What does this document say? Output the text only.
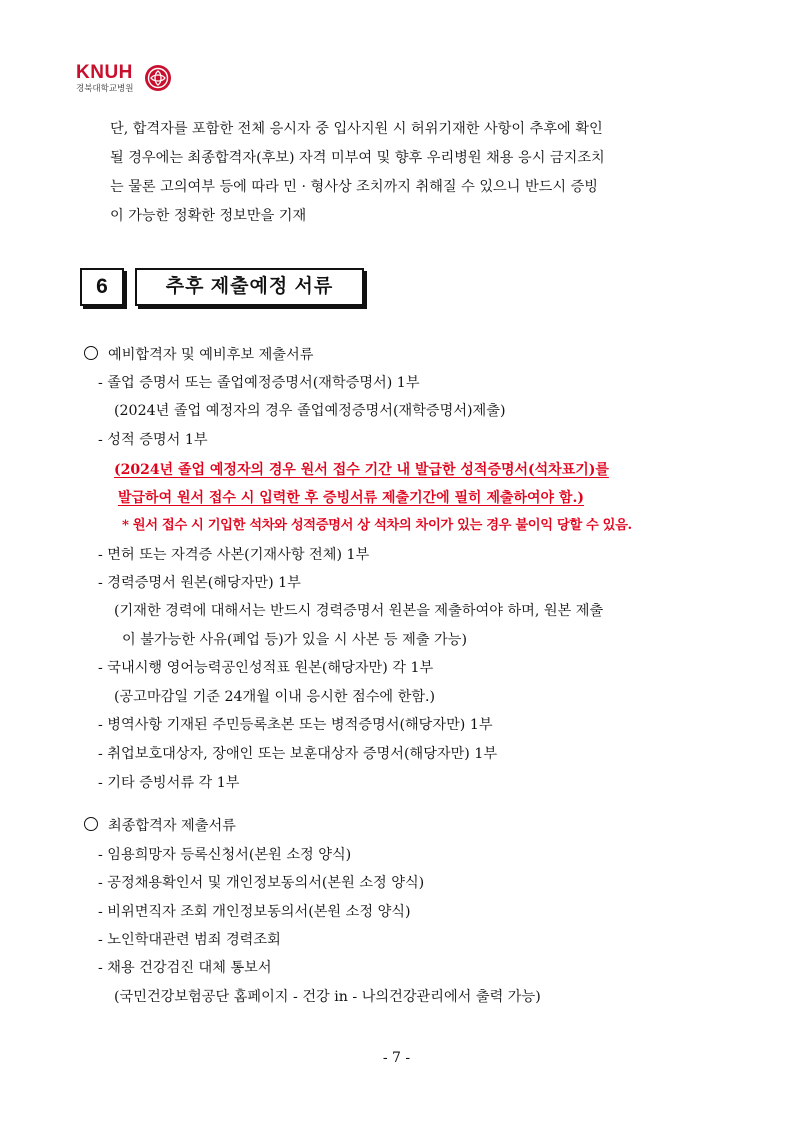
KNUH
경북대학교병원
단, 합격자를 포함한 전체 응시자 중 입사지원 시 허위기재한 사항이 추후에 확인
될 경우에는 최종합격자(후보) 자격 미부여 및 향후 우리병원 채용 응시 금지조치
는 물론 고의여부 등에 따라 민 · 형사상 조치까지 취해질 수 있으니 반드시 증빙
이 가능한 정확한 정보만을 기재
6	추후 제출예정 서류
예비합격자 및 예비후보 제출서류
- 졸업 증명서 또는 졸업예정증명서(재학증명서) 1부
(2024년 졸업 예정자의 경우 졸업예정증명서(재학증명서)제출)
- 성적 증명서 1부
(2024년 졸업 예정자의 경우 원서 접수 기간 내 발급한 성적증명서(석차표기)를
발급하여 원서 접수 시 입력한 후 증빙서류 제출기간에 필히 제출하여야 함.)
* 원서 접수 시 기입한 석차와 성적증명서 상 석차의 차이가 있는 경우 불이익 당할 수 있음.
- 면허 또는 자격증 사본(기재사항 전체) 1부
- 경력증명서 원본(해당자만) 1부
(기재한 경력에 대해서는 반드시 경력증명서 원본을 제출하여야 하며, 원본 제출
이 불가능한 사유(폐업 등)가 있을 시 사본 등 제출 가능)
- 국내시행 영어능력공인성적표 원본(해당자만) 각 1부
(공고마감일 기준 24개월 이내 응시한 점수에 한함.)
- 병역사항 기재된 주민등록초본 또는 병적증명서(해당자만) 1부
- 취업보호대상자, 장애인 또는 보훈대상자 증명서(해당자만) 1부
- 기타 증빙서류 각 1부
최종합격자 제출서류
- 임용희망자 등록신청서(본원 소정 양식)
- 공정채용확인서 및 개인정보동의서(본원 소정 양식)
- 비위면직자 조회 개인정보동의서(본원 소정 양식)
- 노인학대관련 범죄 경력조회
- 채용 건강검진 대체 통보서
(국민건강보험공단 홈페이지 - 건강 in - 나의건강관리에서 출력 가능)
- 7 -
